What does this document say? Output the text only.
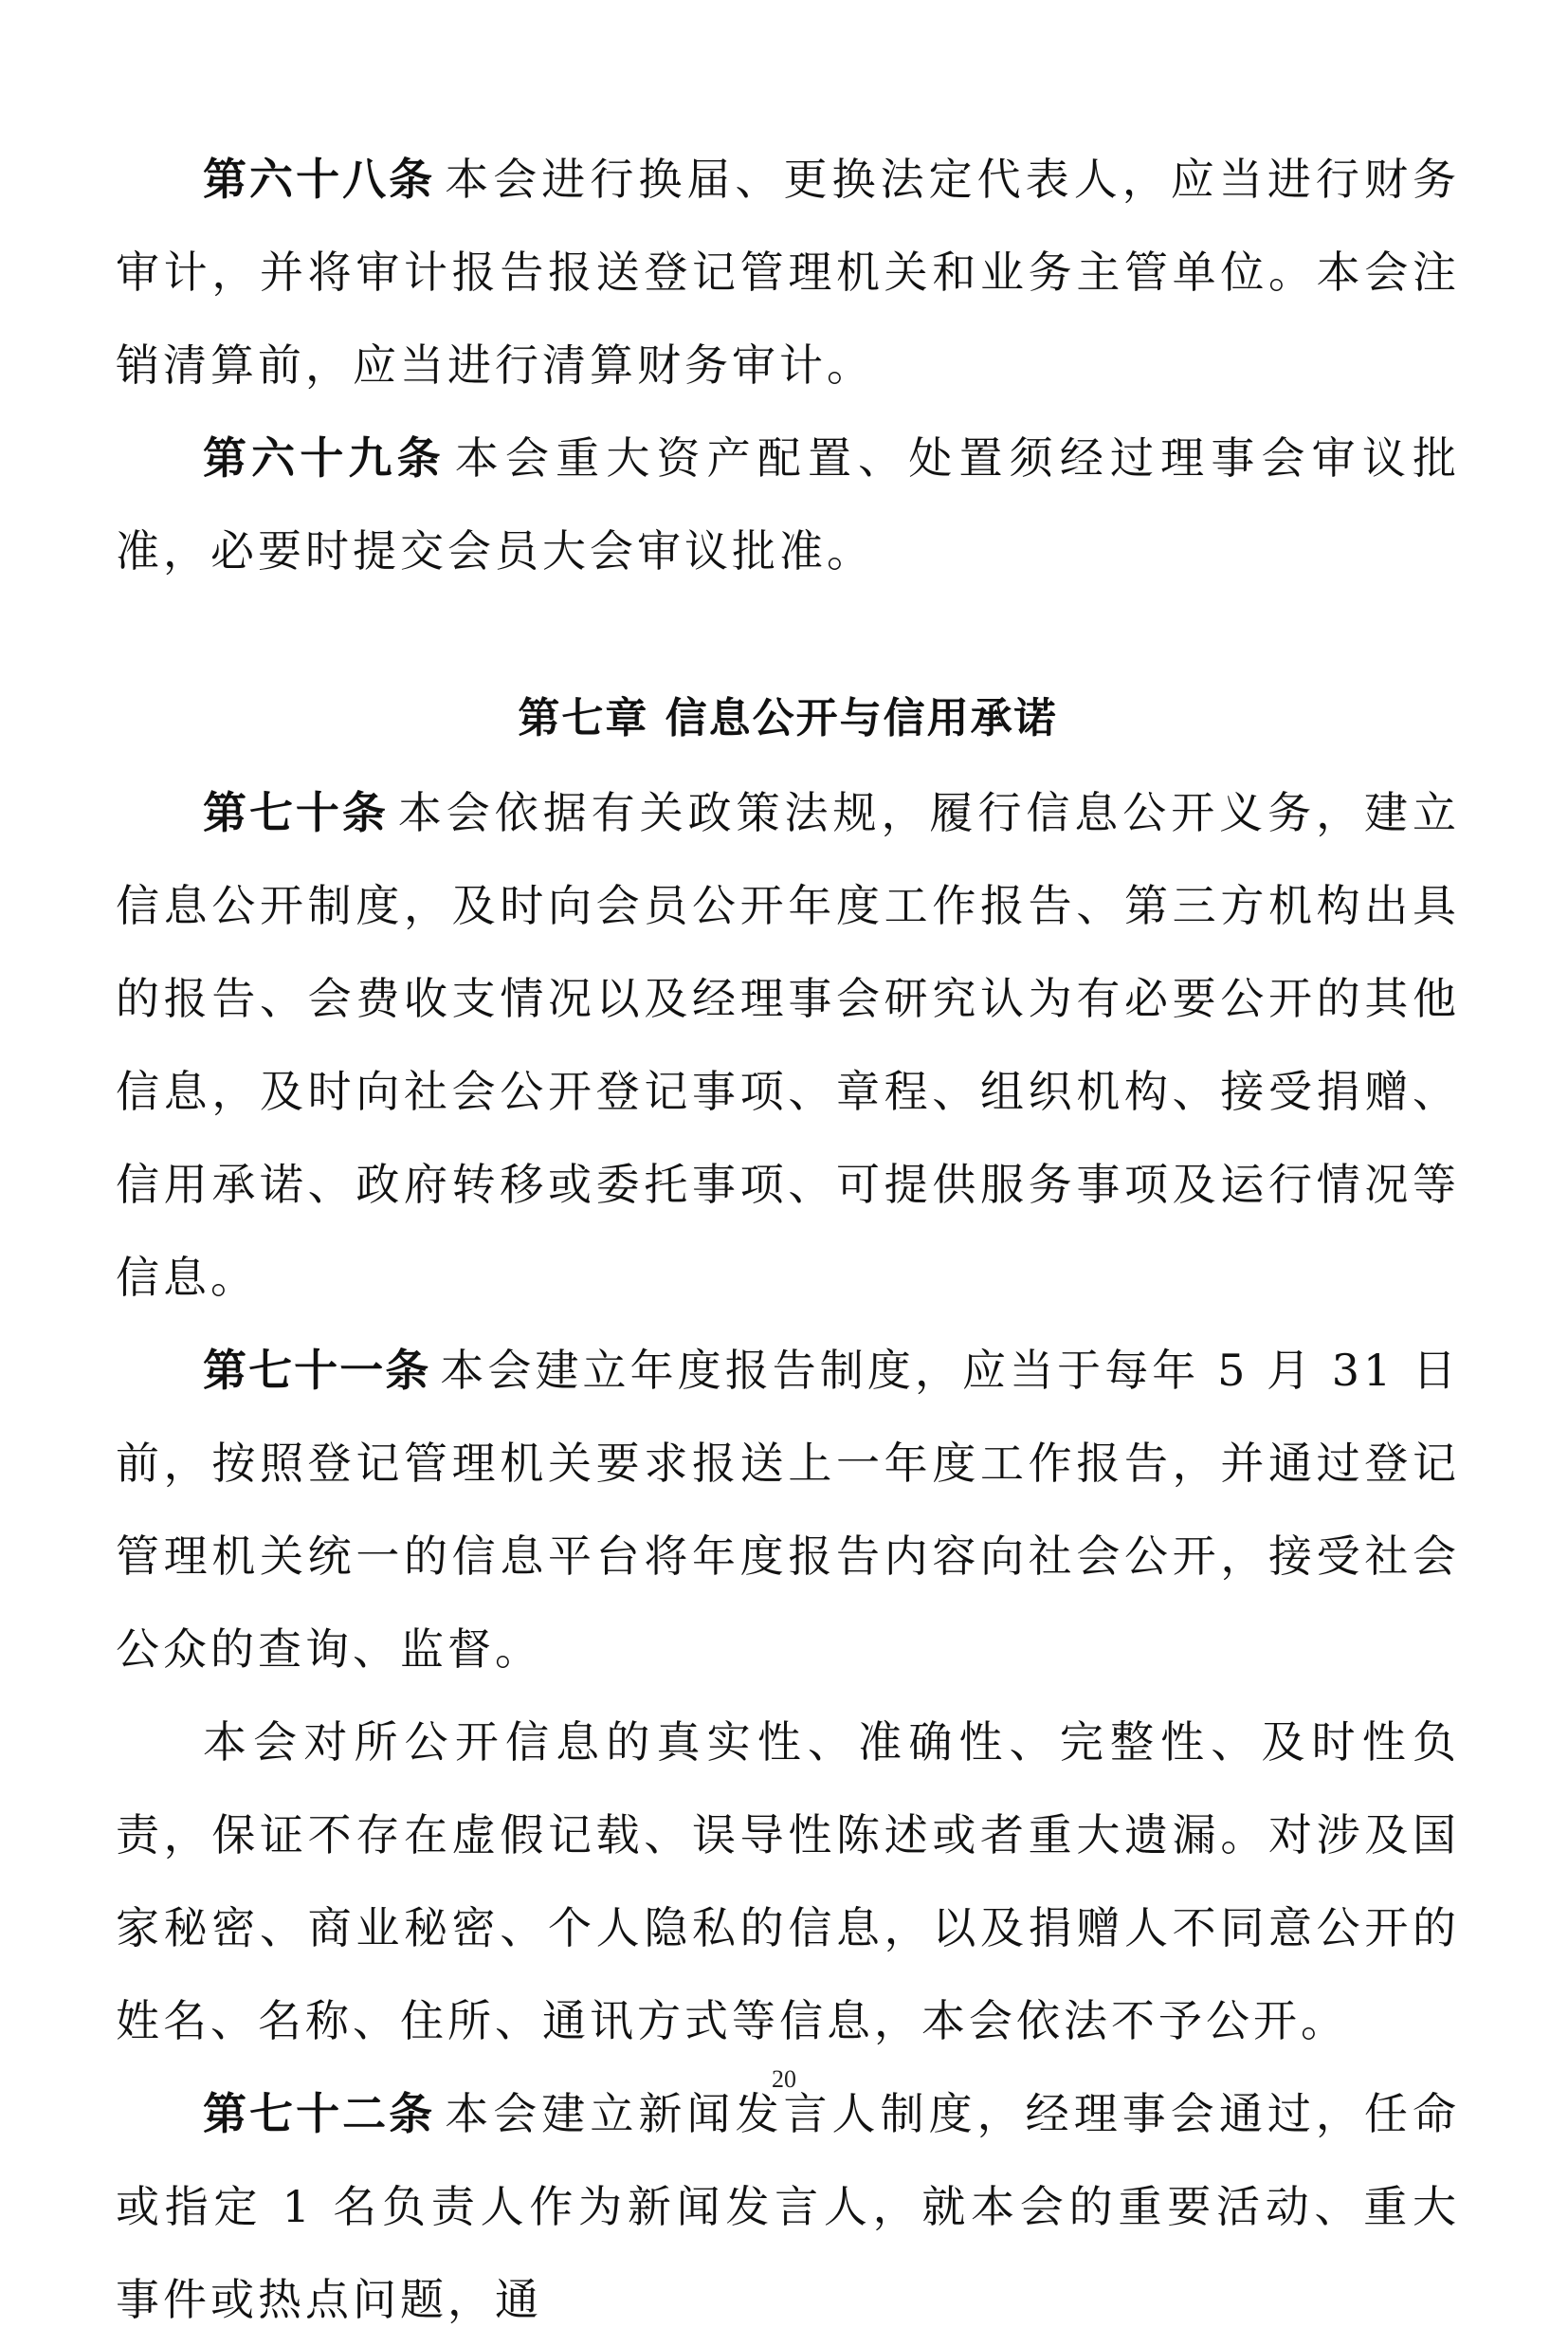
第六十八条 本会进行换届、更换法定代表人，应当进行财务审计，并将审计报告报送登记管理机关和业务主管单位。本会注销清算前，应当进行清算财务审计。

第六十九条 本会重大资产配置、处置须经过理事会审议批准，必要时提交会员大会审议批准。

第七章 信息公开与信用承诺

第七十条 本会依据有关政策法规，履行信息公开义务，建立信息公开制度，及时向会员公开年度工作报告、第三方机构出具的报告、会费收支情况以及经理事会研究认为有必要公开的其他信息，及时向社会公开登记事项、章程、组织机构、接受捐赠、信用承诺、政府转移或委托事项、可提供服务事项及运行情况等信息。

第七十一条 本会建立年度报告制度，应当于每年 5 月 31 日前，按照登记管理机关要求报送上一年度工作报告，并通过登记管理机关统一的信息平台将年度报告内容向社会公开，接受社会公众的查询、监督。

本会对所公开信息的真实性、准确性、完整性、及时性负责，保证不存在虚假记载、误导性陈述或者重大遗漏。对涉及国家秘密、商业秘密、个人隐私的信息，以及捐赠人不同意公开的姓名、名称、住所、通讯方式等信息，本会依法不予公开。

第七十二条 本会建立新闻发言人制度，经理事会通过，任命或指定 1 名负责人作为新闻发言人，就本会的重要活动、重大事件或热点问题，通

20
